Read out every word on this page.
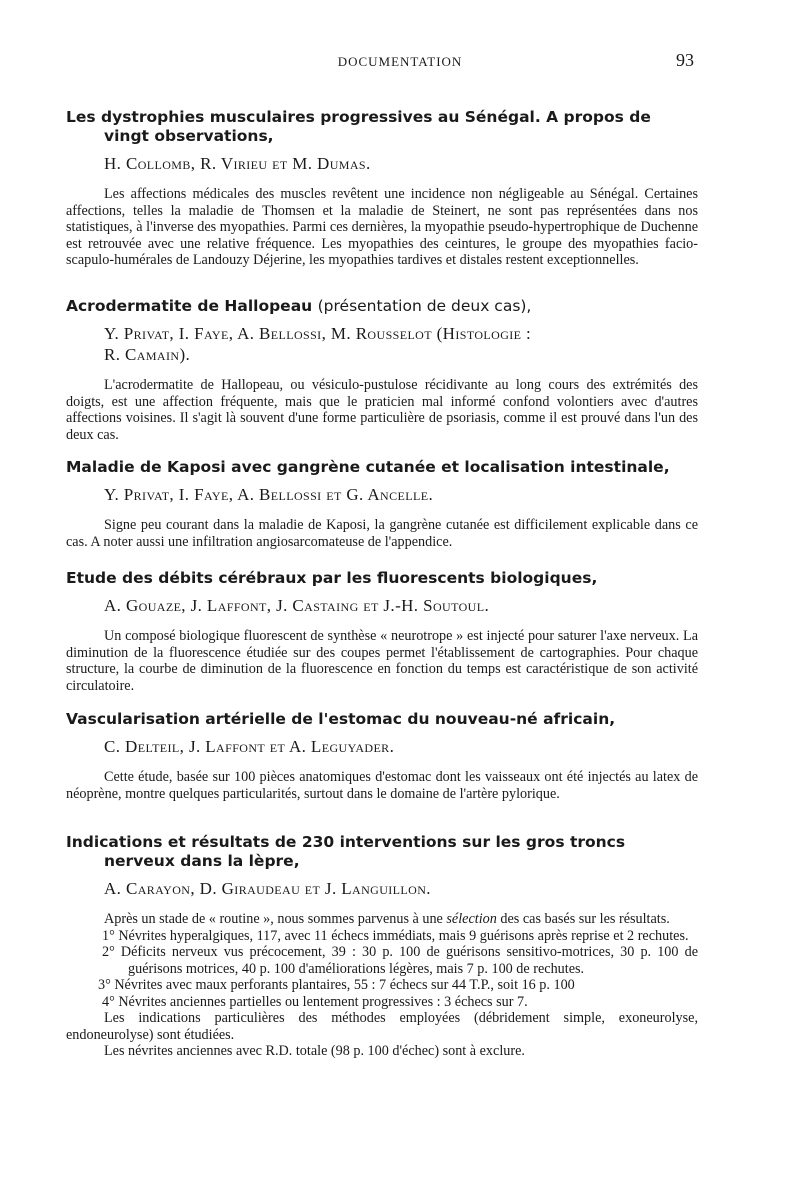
DOCUMENTATION	93
Les dystrophies musculaires progressives au Sénégal. A propos de vingt observations,
H. Collomb, R. Virieu et M. Dumas.

Les affections médicales des muscles revêtent une incidence non négligeable au Sénégal. Certaines affections, telles la maladie de Thomsen et la maladie de Steinert, ne sont pas représentées dans nos statistiques, à l'inverse des myopathies. Parmi ces dernières, la myopathie pseudo-hypertrophique de Duchenne est retrouvée avec une relative fréquence. Les myopathies des ceintures, le groupe des myopathies facio-scapulo-humérales de Landouzy Déjerine, les myopathies tardives et distales restent exceptionnelles.

Acrodermatite de Hallopeau (présentation de deux cas),
Y. Privat, I. Faye, A. Bellossi, M. Rousselot (Histologie :
R. Camain).

L'acrodermatite de Hallopeau, ou vésiculo-pustulose récidivante au long cours des extrémités des doigts, est une affection fréquente, mais que le praticien mal informé confond volontiers avec d'autres affections voisines. Il s'agit là souvent d'une forme particulière de psoriasis, comme il est prouvé dans l'un des deux cas.

Maladie de Kaposi avec gangrène cutanée et localisation intestinale,
Y. Privat, I. Faye, A. Bellossi et G. Ancelle.

Signe peu courant dans la maladie de Kaposi, la gangrène cutanée est difficilement explicable dans ce cas. A noter aussi une infiltration angiosarcomateuse de l'appendice.

Etude des débits cérébraux par les fluorescents biologiques,
A. Gouaze, J. Laffont, J. Castaing et J.-H. Soutoul.

Un composé biologique fluorescent de synthèse « neurotrope » est injecté pour saturer l'axe nerveux. La diminution de la fluorescence étudiée sur des coupes permet l'établissement de cartographies. Pour chaque structure, la courbe de diminution de la fluorescence en fonction du temps est caractéristique de son activité circulatoire.

Vascularisation artérielle de l'estomac du nouveau-né africain,
C. Delteil, J. Laffont et A. Leguyader.

Cette étude, basée sur 100 pièces anatomiques d'estomac dont les vaisseaux ont été injectés au latex de néoprène, montre quelques particularités, surtout dans le domaine de l'artère pylorique.

Indications et résultats de 230 interventions sur les gros troncs nerveux dans la lèpre,
A. Carayon, D. Giraudeau et J. Languillon.

Après un stade de « routine », nous sommes parvenus à une sélection des cas basés sur les résultats.

1° Névrites hyperalgiques, 117, avec 11 échecs immédiats, mais 9 guérisons après reprise et 2 rechutes.

2° Déficits nerveux vus précocement, 39 : 30 p. 100 de guérisons sensitivo-motrices, 30 p. 100 de guérisons motrices, 40 p. 100 d'améliorations légères, mais 7 p. 100 de rechutes.

3° Névrites avec maux perforants plantaires, 55 : 7 échecs sur 44 T.P., soit 16 p. 100

4° Névrites anciennes partielles ou lentement progressives : 3 échecs sur 7.

Les indications particulières des méthodes employées (débridement simple, exoneurolyse, endoneurolyse) sont étudiées.

Les névrites anciennes avec R.D. totale (98 p. 100 d'échec) sont à exclure.
